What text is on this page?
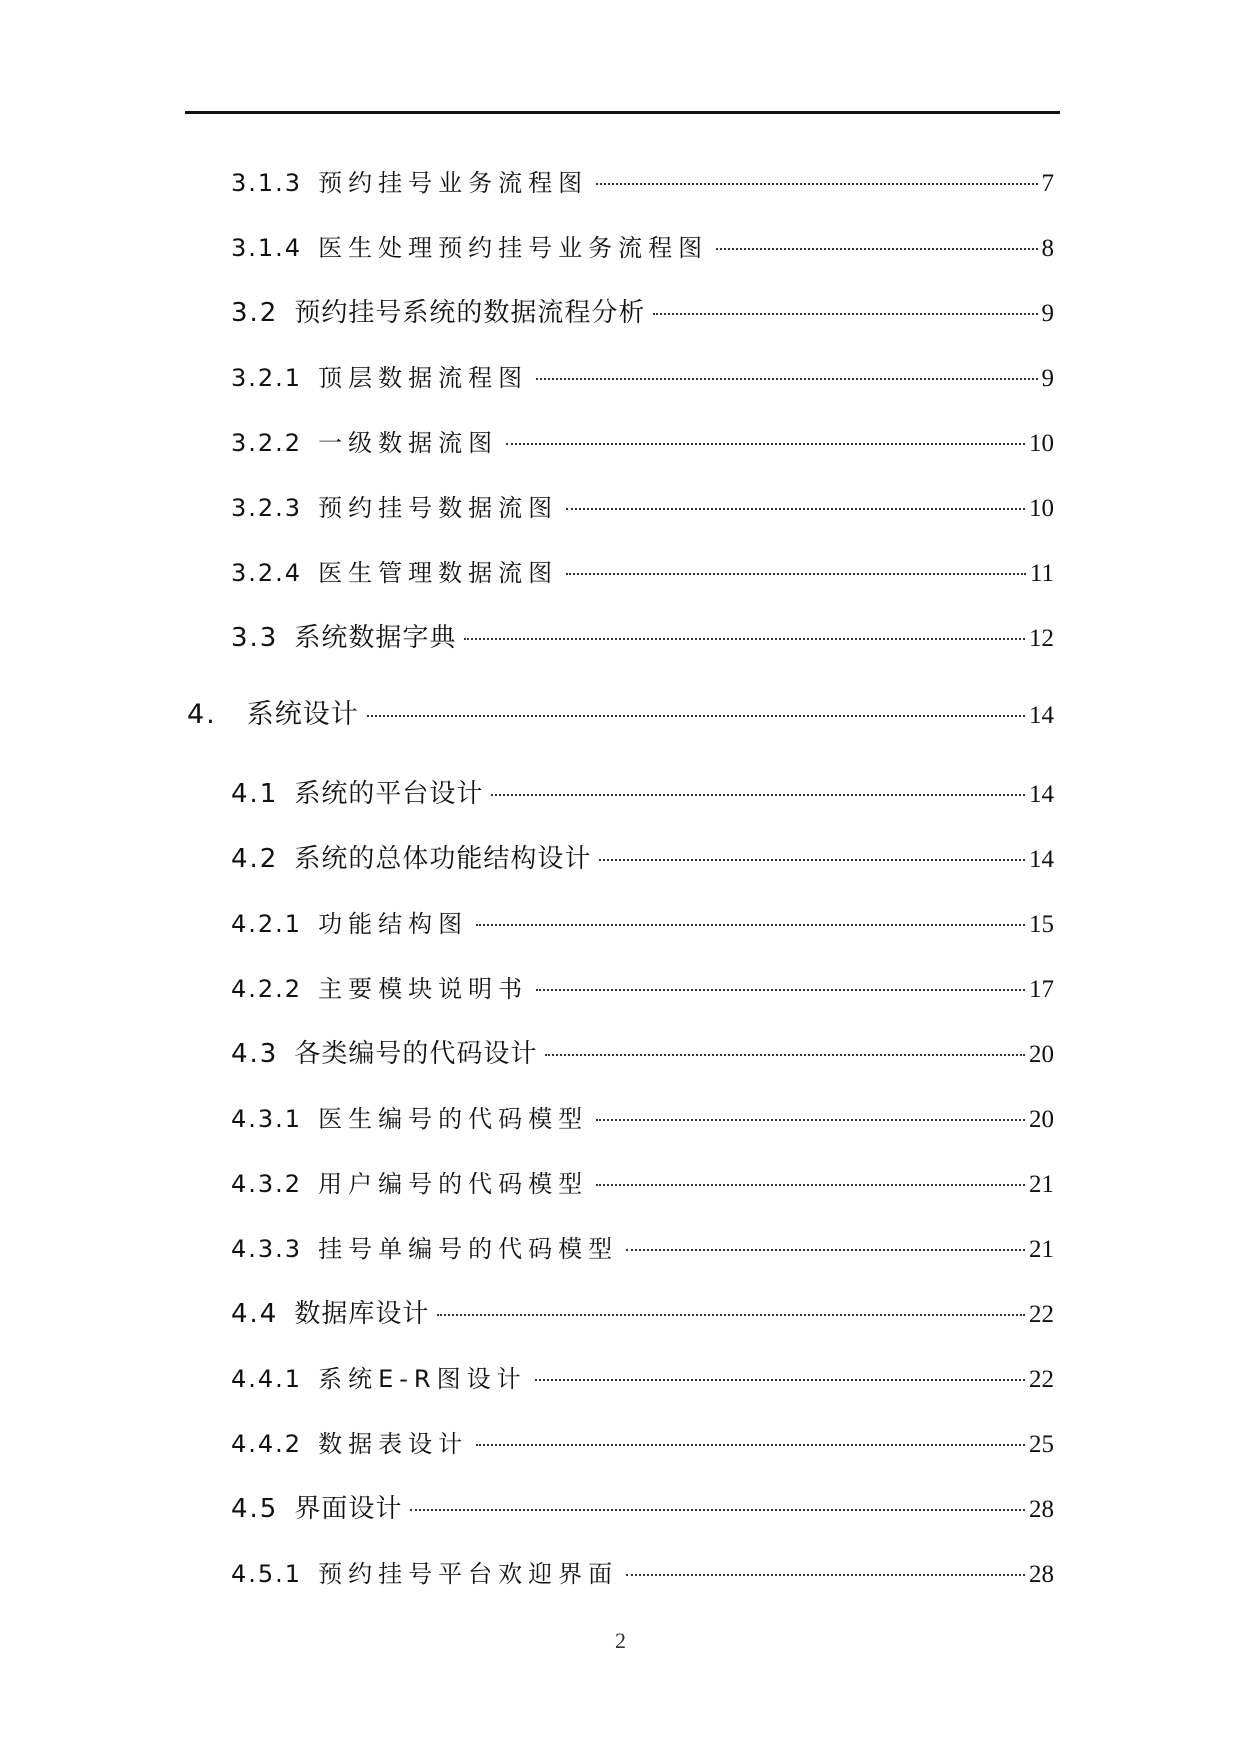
3.1.3 预约挂号业务流程图	7
3.1.4 医生处理预约挂号业务流程图	8
3.2 预约挂号系统的数据流程分析	9
3.2.1 顶层数据流程图	9
3.2.2 一级数据流图	10
3.2.3 预约挂号数据流图	10
3.2.4 医生管理数据流图	11
3.3 系统数据字典	12
4. 系统设计	14
4.1 系统的平台设计	14
4.2 系统的总体功能结构设计	14
4.2.1 功能结构图	15
4.2.2 主要模块说明书	17
4.3 各类编号的代码设计	20
4.3.1 医生编号的代码模型	20
4.3.2 用户编号的代码模型	21
4.3.3 挂号单编号的代码模型	21
4.4 数据库设计	22
4.4.1 系统E-R图设计	22
4.4.2 数据表设计	25
4.5 界面设计	28
4.5.1 预约挂号平台欢迎界面	28
2
